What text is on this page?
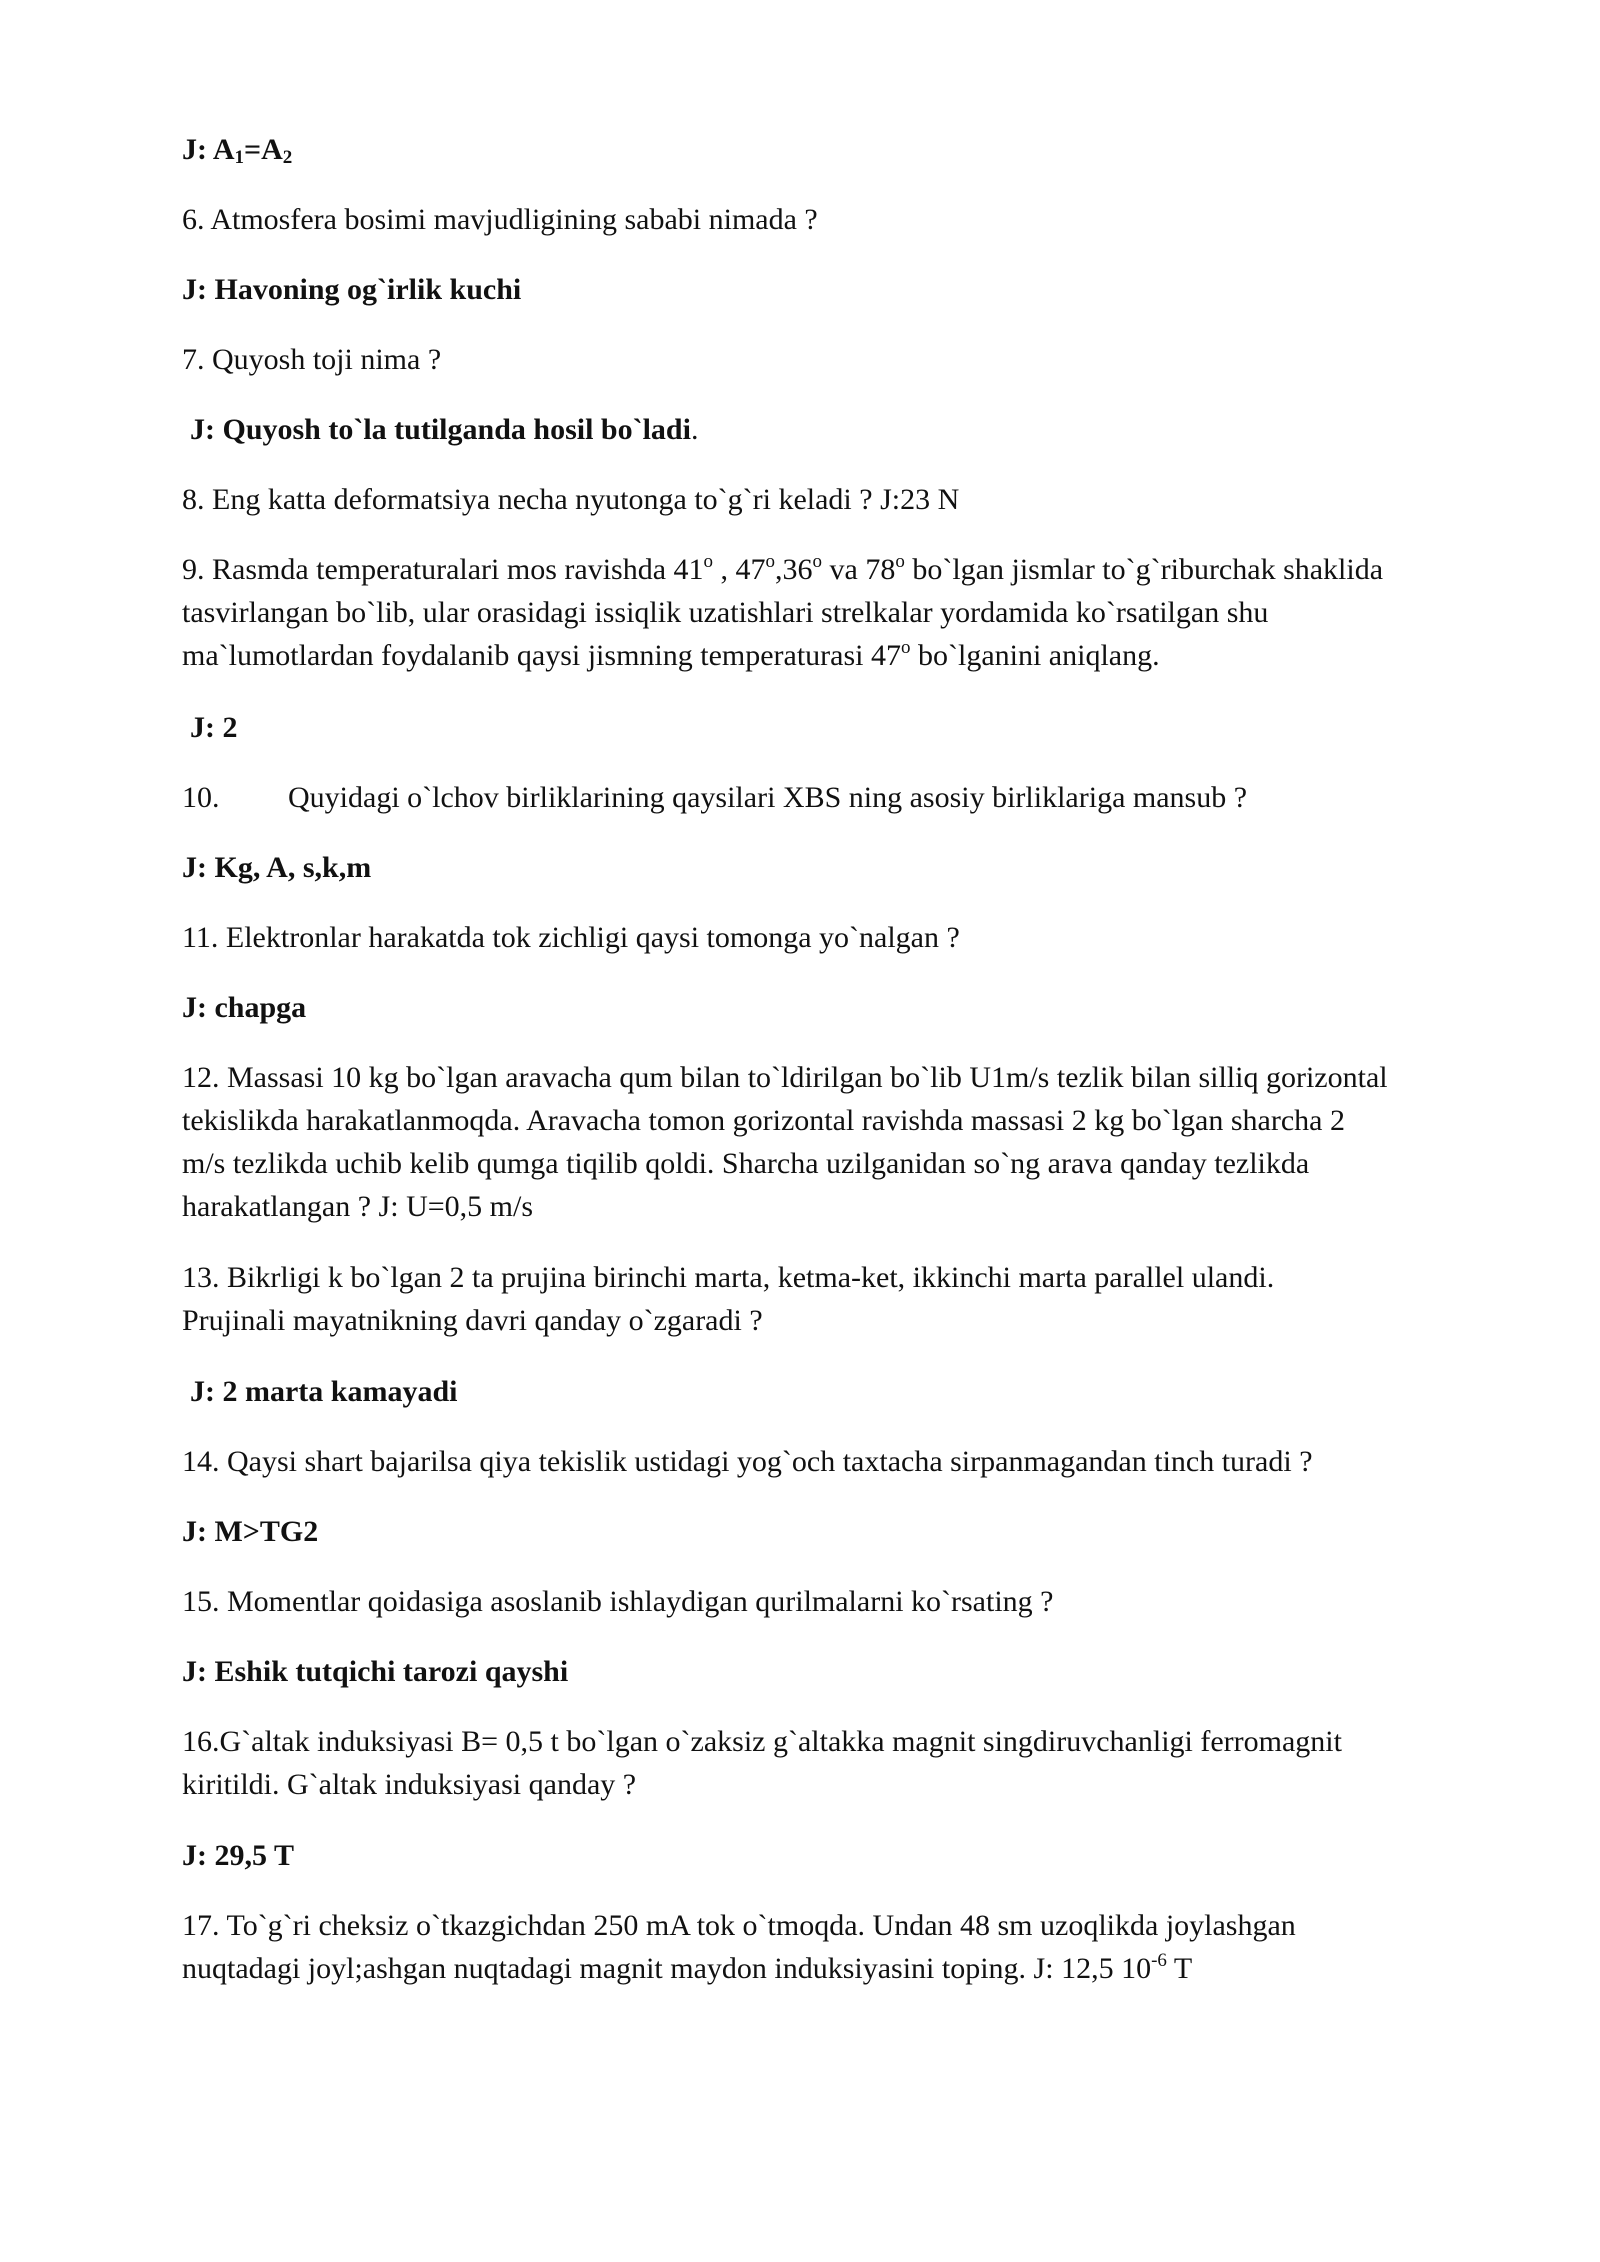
J: $A_1=A_2$
6. Atmosfera bosimi mavjudligining sababi nimada ?
J: Havoning og`irlik kuchi
7. Quyosh toji nima ?
J: Quyosh to`la tutilganda hosil bo`ladi.
8. Eng katta deformatsiya necha nyutonga to`g`ri keladi ? J:23 N
9. Rasmda temperaturalari mos ravishda 41$^o$ , 47$^o$,36$^o$ va 78$^o$ bo`lgan jismlar to`g`riburchak shaklida
tasvirlangan bo`lib, ular orasidagi issiqlik uzatishlari strelkalar yordamida ko`rsatilgan shu
ma`lumotlardan foydalanib qaysi jismning temperaturasi 47$^o$ bo`lganini aniqlang.
J: 2
10. Quyidagi o`lchov birliklarining qaysilari XBS ning asosiy birliklariga mansub ?
J: Kg, A, s,k,m
11. Elektronlar harakatda tok zichligi qaysi tomonga yo`nalgan ?
J: chapga
12. Massasi 10 kg bo`lgan aravacha qum bilan to`ldirilgan bo`lib U1m/s tezlik bilan silliq gorizontal
tekislikda harakatlanmoqda. Aravacha tomon gorizontal ravishda massasi 2 kg bo`lgan sharcha 2
m/s tezlikda uchib kelib qumga tiqilib qoldi. Sharcha uzilganidan so`ng arava qanday tezlikda
harakatlangan ? J: U=0,5 m/s
13. Bikrligi k bo`lgan 2 ta prujina birinchi marta, ketma-ket, ikkinchi marta parallel ulandi.
Prujinali mayatnikning davri qanday o`zgaradi ?
J: 2 marta kamayadi
14. Qaysi shart bajarilsa qiya tekislik ustidagi yog`och taxtacha sirpanmagandan tinch turadi ?
J: M>TG2
15. Momentlar qoidasiga asoslanib ishlaydigan qurilmalarni ko`rsating ?
J: Eshik tutqichi tarozi qayshi
16.G`altak induksiyasi B= 0,5 t bo`lgan o`zaksiz g`altakka magnit singdiruvchanligi ferromagnit
kiritildi. G`altak induksiyasi qanday ?
J: 29,5 T
17. To`g`ri cheksiz o`tkazgichdan 250 mA tok o`tmoqda. Undan 48 sm uzoqlikda joylashgan
nuqtadagi joyl;ashgan nuqtadagi magnit maydon induksiyasini toping. J: 12,5 $10^{-6}$ T
